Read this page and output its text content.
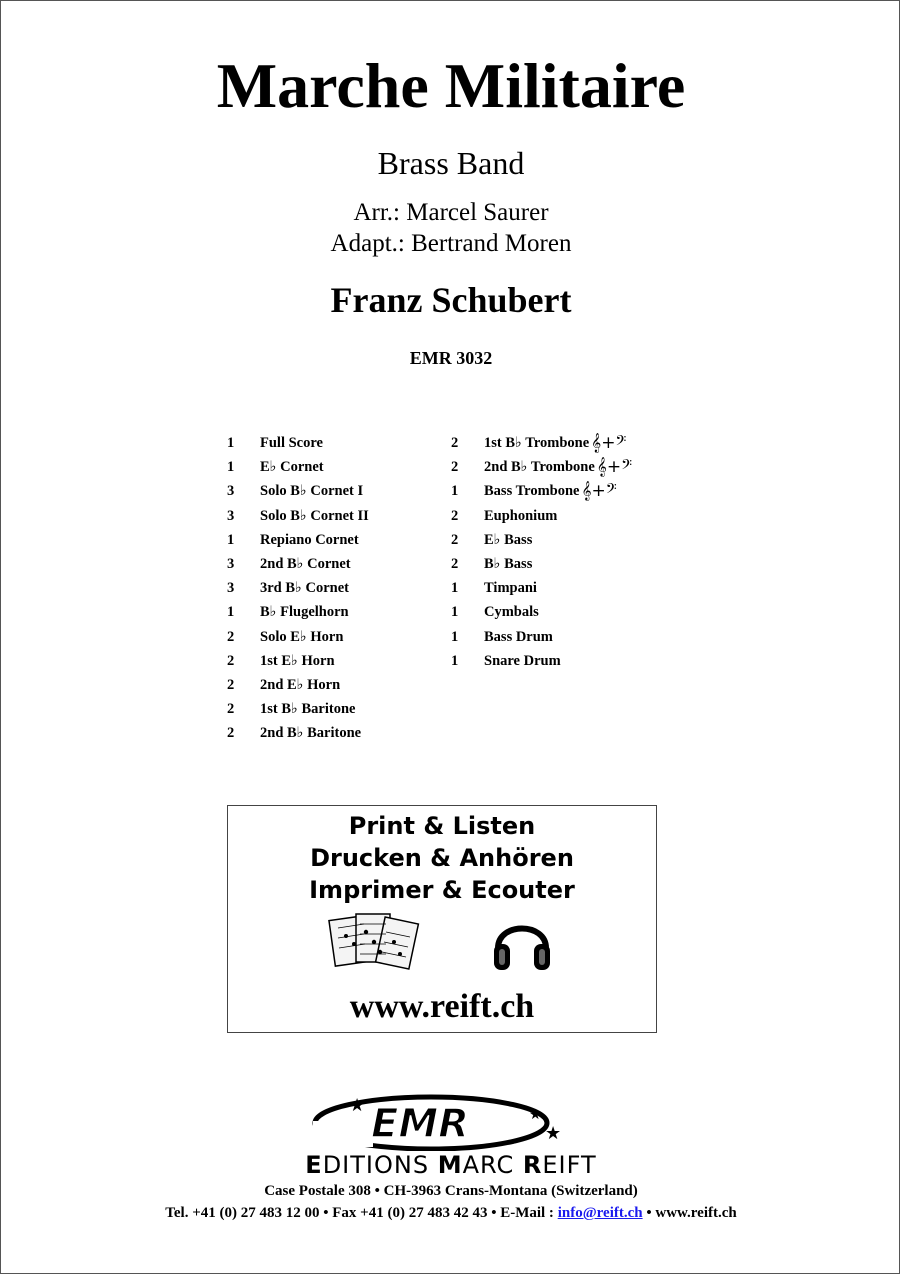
Marche Militaire
Brass Band
Arr.: Marcel Saurer
Adapt.: Bertrand Moren
Franz Schubert
EMR 3032
1	Full Score
1	E♭ Cornet
3	Solo B♭ Cornet I
3	Solo B♭ Cornet II
1	Repiano Cornet
3	2nd B♭ Cornet
3	3rd B♭ Cornet
1	B♭ Flugelhorn
2	Solo E♭ Horn
2	1st E♭ Horn
2	2nd E♭ Horn
2	1st B♭ Baritone
2	2nd B♭ Baritone
2	1st B♭ Trombone 𝄞+𝄢
2	2nd B♭ Trombone 𝄞+𝄢
1	Bass Trombone 𝄞+𝄢
2	Euphonium
2	E♭ Bass
2	B♭ Bass
1	Timpani
1	Cymbals
1	Bass Drum
1	Snare Drum
Print & Listen
Drucken & Anhören
Imprimer & Ecouter
www.reift.ch
EMR
★	★
★
EDITIONS MARC REIFT
Case Postale 308 • CH-3963 Crans-Montana (Switzerland)
Tel. +41 (0) 27 483 12 00 • Fax +41 (0) 27 483 42 43 • E-Mail : info@reift.ch • www.reift.ch
